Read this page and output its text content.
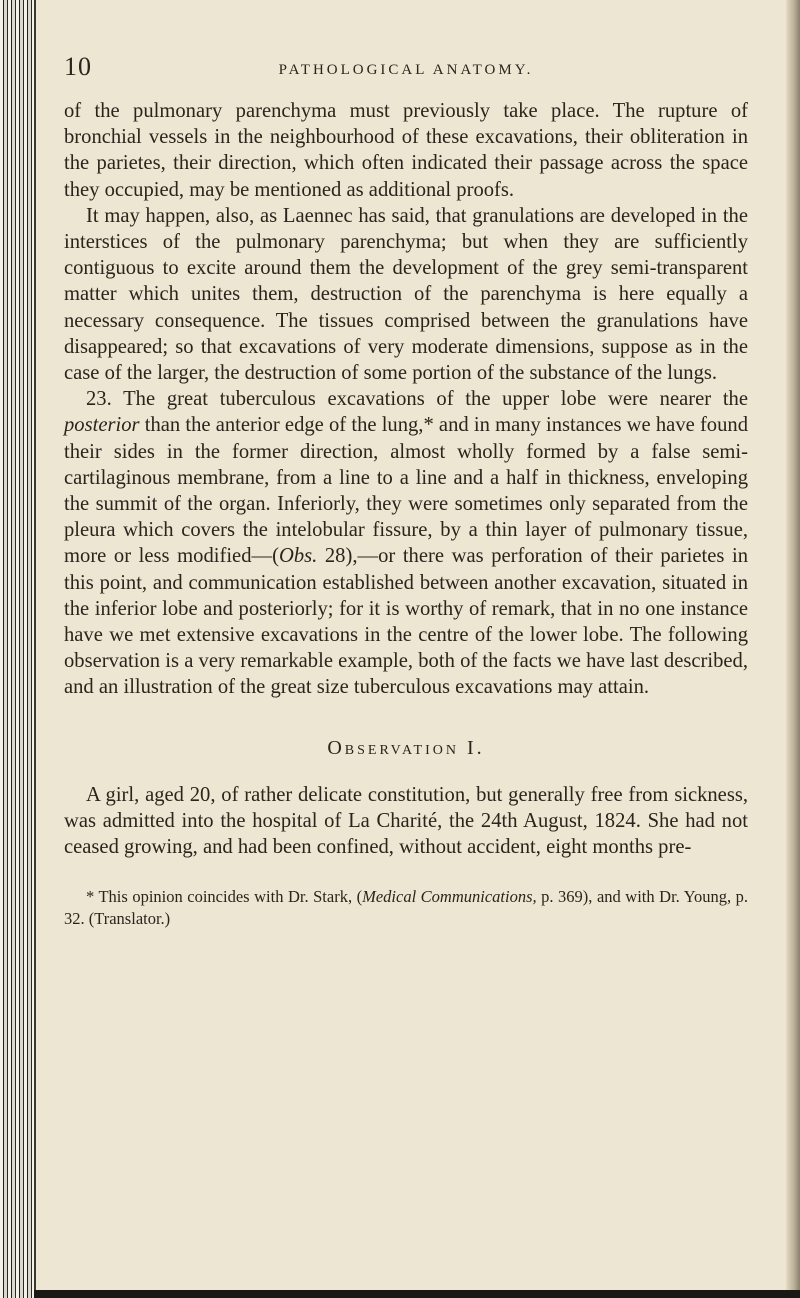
10	PATHOLOGICAL ANATOMY.

of the pulmonary parenchyma must previously take place. The rupture of bronchial vessels in the neighbourhood of these excavations, their obliteration in the parietes, their direction, which often indicated their passage across the space they occupied, may be mentioned as additional proofs.

It may happen, also, as Laennec has said, that granulations are developed in the interstices of the pulmonary parenchyma; but when they are sufficiently contiguous to excite around them the development of the grey semi-transparent matter which unites them, destruction of the parenchyma is here equally a necessary consequence. The tissues comprised between the granulations have disappeared; so that excavations of very moderate dimensions, suppose as in the case of the larger, the destruction of some portion of the substance of the lungs.

23. The great tuberculous excavations of the upper lobe were nearer the posterior than the anterior edge of the lung,* and in many instances we have found their sides in the former direction, almost wholly formed by a false semi-cartilaginous membrane, from a line to a line and a half in thickness, enveloping the summit of the organ. Inferiorly, they were sometimes only separated from the pleura which covers the intelobular fissure, by a thin layer of pulmonary tissue, more or less modified—(Obs. 28),—or there was perforation of their parietes in this point, and communication established between another excavation, situated in the inferior lobe and posteriorly; for it is worthy of remark, that in no one instance have we met extensive excavations in the centre of the lower lobe. The following observation is a very remarkable example, both of the facts we have last described, and an illustration of the great size tuberculous excavations may attain.

Observation I.

A girl, aged 20, of rather delicate constitution, but generally free from sickness, was admitted into the hospital of La Charité, the 24th August, 1824. She had not ceased growing, and had been confined, without accident, eight months pre-

* This opinion coincides with Dr. Stark, (Medical Communications, p. 369), and with Dr. Young, p. 32. (Translator.)
